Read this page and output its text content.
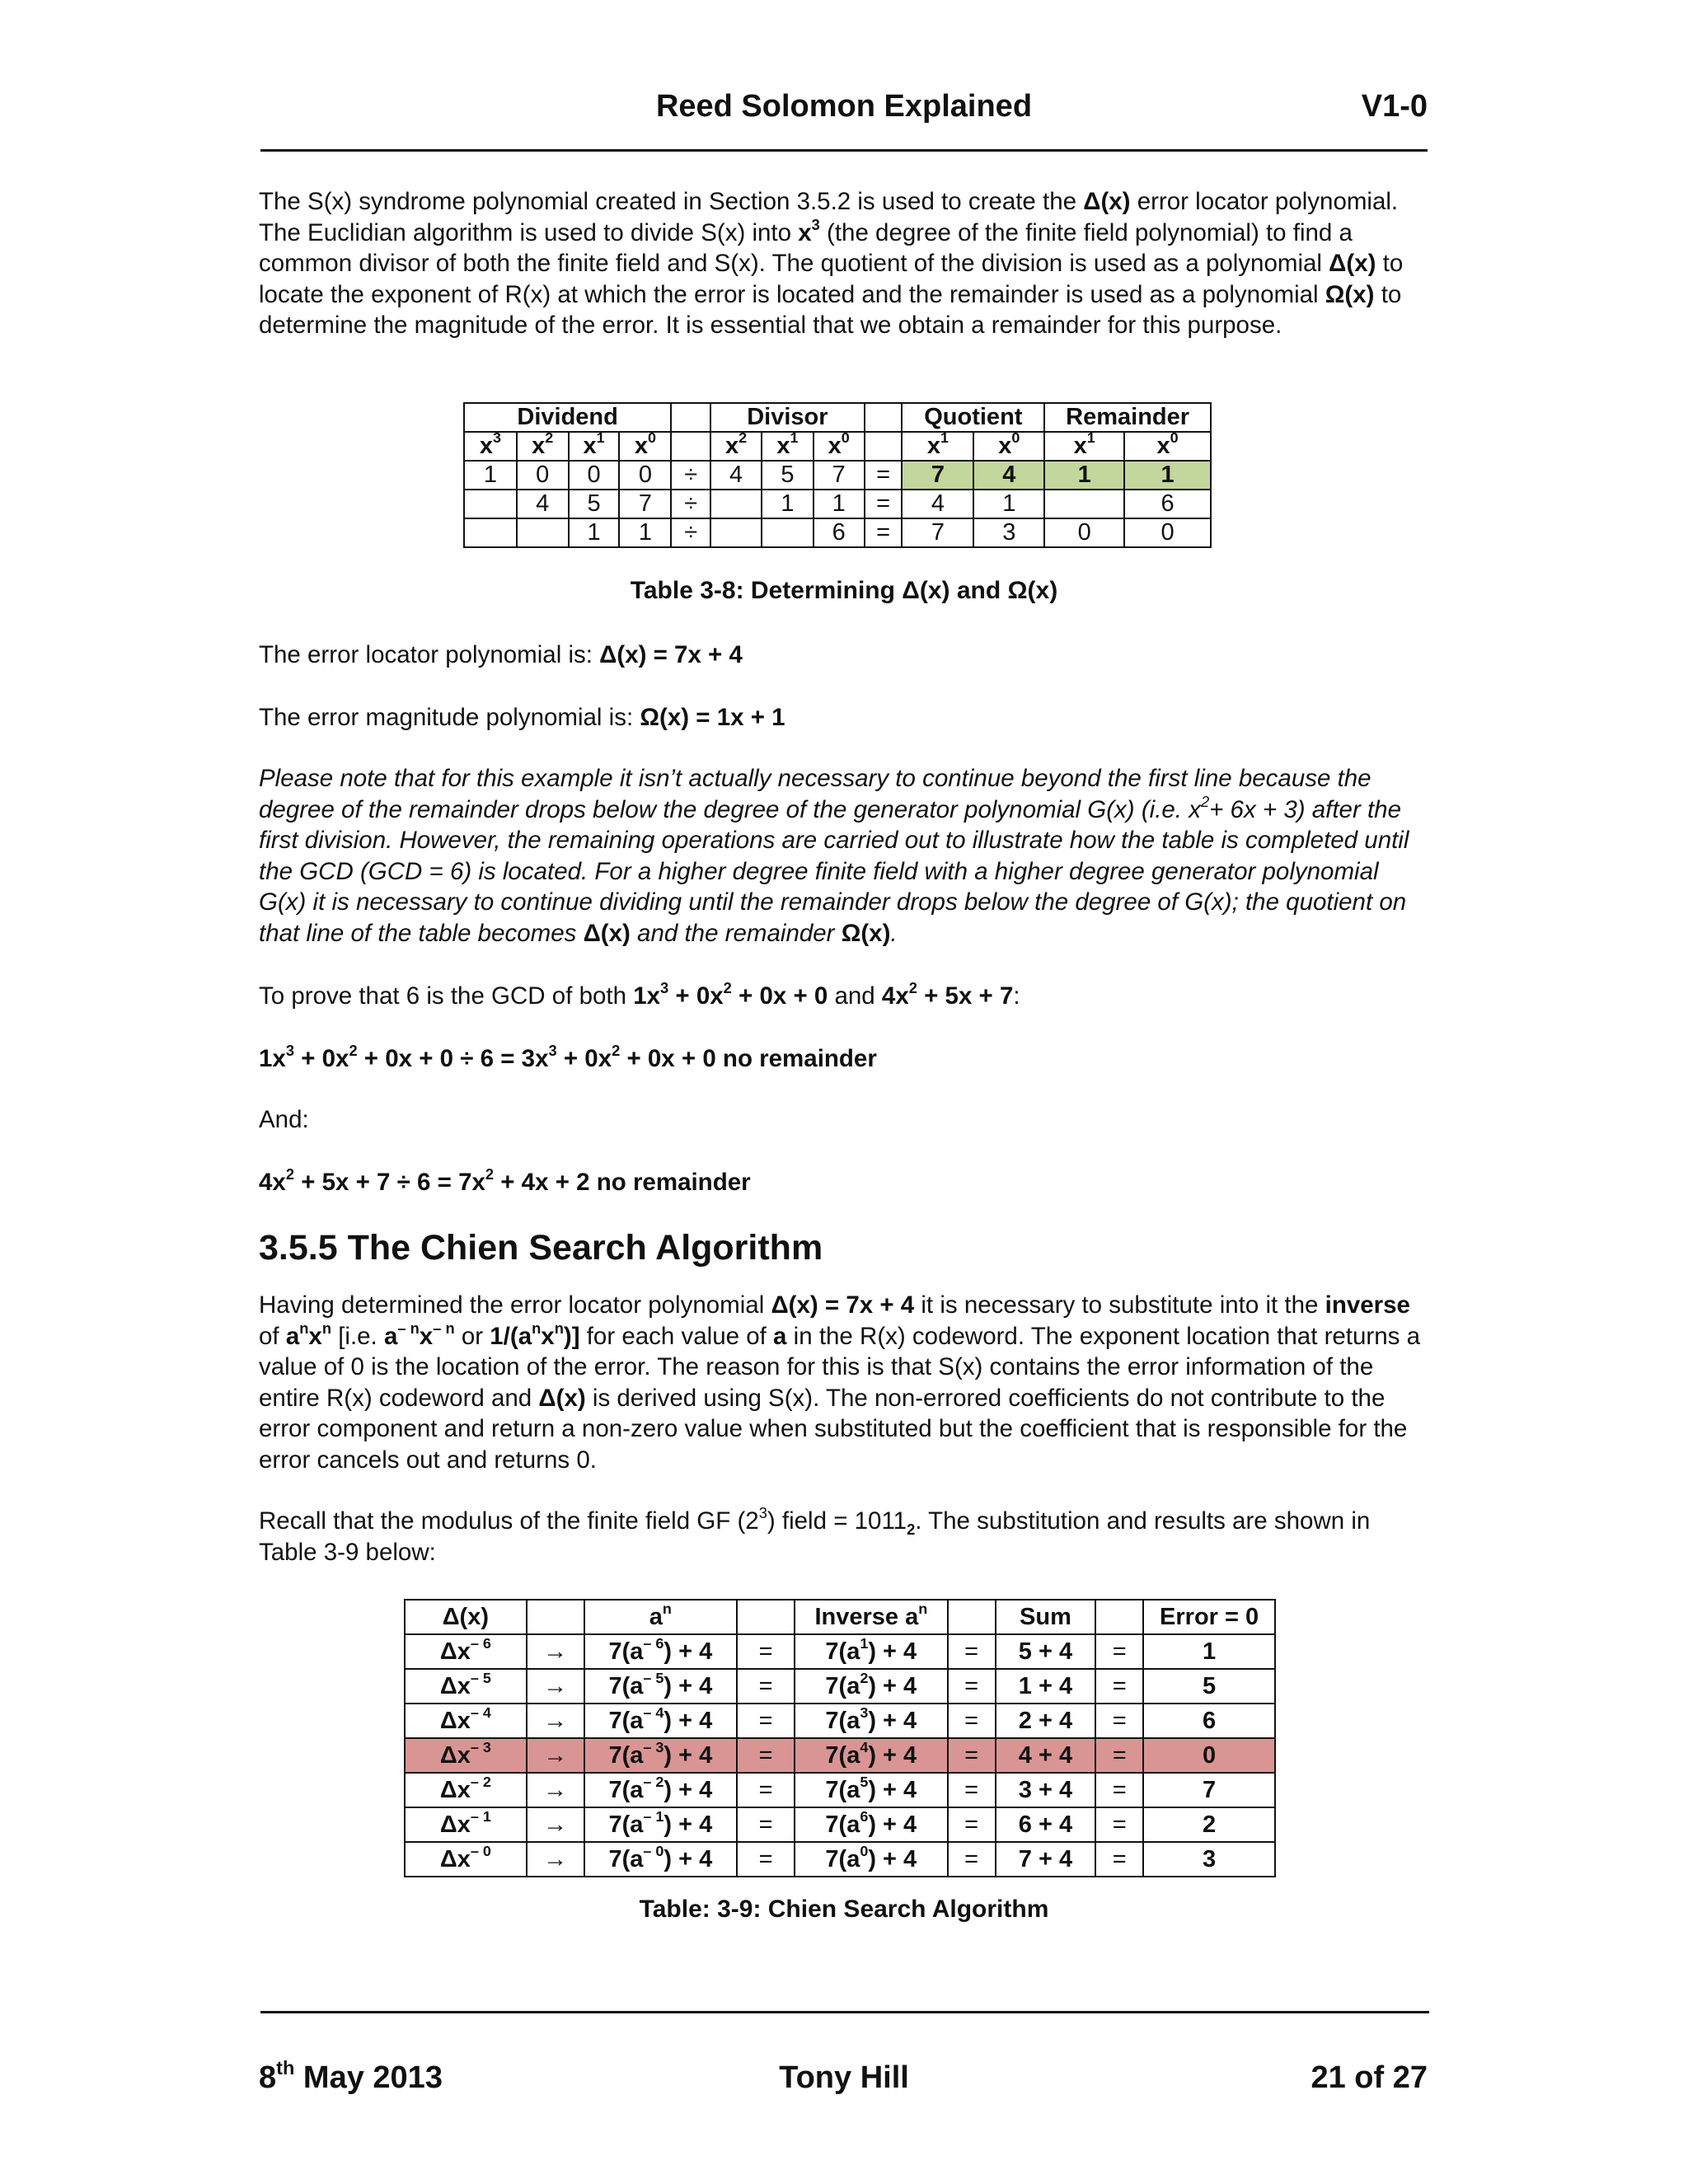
Reed Solomon Explained	V1-0
The S(x) syndrome polynomial created in Section 3.5.2 is used to create the Δ(x) error locator polynomial. The Euclidian algorithm is used to divide S(x) into $x^3$ (the degree of the finite field polynomial) to find a common divisor of both the finite field and S(x). The quotient of the division is used as a polynomial Δ(x) to locate the exponent of R(x) at which the error is located and the remainder is used as a polynomial Ω(x) to determine the magnitude of the error. It is essential that we obtain a remainder for this purpose.
Dividend					Divisor				Quotient		Remainder	
$x^3$	$x^2$	$x^1$	$x^0$		$x^2$	$x^1$	$x^0$		$x^1$	$x^0$	$x^1$	$x^0$
1	0	0	0	÷	4	5	7	=	7	4	1	1
	4	5	7	÷		1	1	=	4	1		6
		1	1	÷			6	=	7	3	0	0
Table 3-8: Determining Δ(x) and Ω(x)
The error locator polynomial is: Δ(x) = 7x + 4
The error magnitude polynomial is: Ω(x) = 1x + 1
Please note that for this example it isn’t actually necessary to continue beyond the first line because the degree of the remainder drops below the degree of the generator polynomial G(x) (i.e. $x^2+ 6x + 3$) after the first division. However, the remaining operations are carried out to illustrate how the table is completed until the GCD (GCD = 6) is located. For a higher degree finite field with a higher degree generator polynomial G(x) it is necessary to continue dividing until the remainder drops below the degree of G(x); the quotient on that line of the table becomes Δ(x) and the remainder Ω(x).
To prove that 6 is the GCD of both $1x^3 + 0x^2 + 0x + 0$ and $4x^2 + 5x + 7$:
$1x^3 + 0x^2 + 0x + 0 \div 6 = 3x^3 + 0x^2 + 0x + 0$ no remainder
And:
$4x^2 + 5x + 7 \div 6 = 7x^2 + 4x + 2$ no remainder
3.5.5 The Chien Search Algorithm
Having determined the error locator polynomial Δ(x) = 7x + 4 it is necessary to substitute into it the inverse of $a^nx^n$ [i.e. $a^{- n}x^{- n}$ or $1/(a^nx^n)$] for each value of a in the R(x) codeword. The exponent location that returns a value of 0 is the location of the error. The reason for this is that S(x) contains the error information of the entire R(x) codeword and Δ(x) is derived using S(x). The non-errored coefficients do not contribute to the error component and return a non-zero value when substituted but the coefficient that is responsible for the error cancels out and returns 0.
Recall that the modulus of the finite field GF $(2^3)$ field = $1011_2$. The substitution and results are shown in Table 3-9 below:
Δ(x)		$a^n$		Inverse $a^n$		Sum		Error = 0
$\Delta x^{- 6}$	→	$7(a^{- 6}) + 4$	=	$7(a^1) + 4$	=	5 + 4	=	1
$\Delta x^{- 5}$	→	$7(a^{- 5}) + 4$	=	$7(a^2) + 4$	=	1 + 4	=	5
$\Delta x^{- 4}$	→	$7(a^{- 4}) + 4$	=	$7(a^3) + 4$	=	2 + 4	=	6
$\Delta x^{- 3}$	→	$7(a^{- 3}) + 4$	=	$7(a^4) + 4$	=	4 + 4	=	0
$\Delta x^{- 2}$	→	$7(a^{- 2}) + 4$	=	$7(a^5) + 4$	=	3 + 4	=	7
$\Delta x^{- 1}$	→	$7(a^{- 1}) + 4$	=	$7(a^6) + 4$	=	6 + 4	=	2
$\Delta x^{- 0}$	→	$7(a^{- 0}) + 4$	=	$7(a^0) + 4$	=	7 + 4	=	3
Table: 3-9: Chien Search Algorithm
8th May 2013	Tony Hill	21 of 27
